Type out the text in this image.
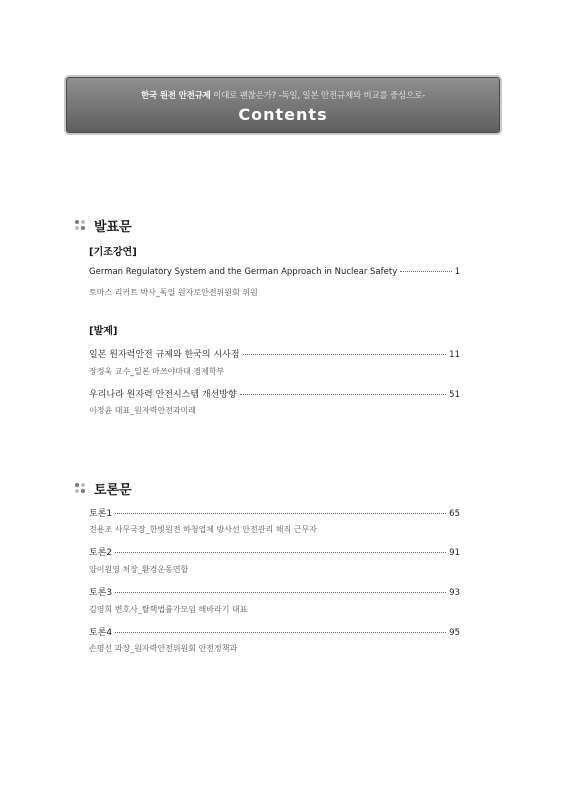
한국 원전 안전규제 이대로 괜찮은가? -독일, 일본 안전규제와 비교를 중심으로-
Contents
발표문
[기조강연]
German Regulatory System and the German Approach in Nuclear Safety	1
토마스 리커트 박사_독일 원자로안전위원회 위원
[발제]
일본 원자력안전 규제와 한국의 시사점	11
장정욱 교수_일본 마쓰야마대 경제학부
우리나라 원자력 안전시스템 개선방향	51
이정윤 대표_원자력안전과미래
토론문
토론1	65
전용조 사무국장_한빛원전 하청업체 방사선 안전관리 해직 근무자
토론2	91
양이원영 처장_환경운동연합
토론3	93
김영희 변호사_탈핵법률가모임 해바라기 대표
토론4	95
손명선 과장_원자력안전위원회 안전정책과
